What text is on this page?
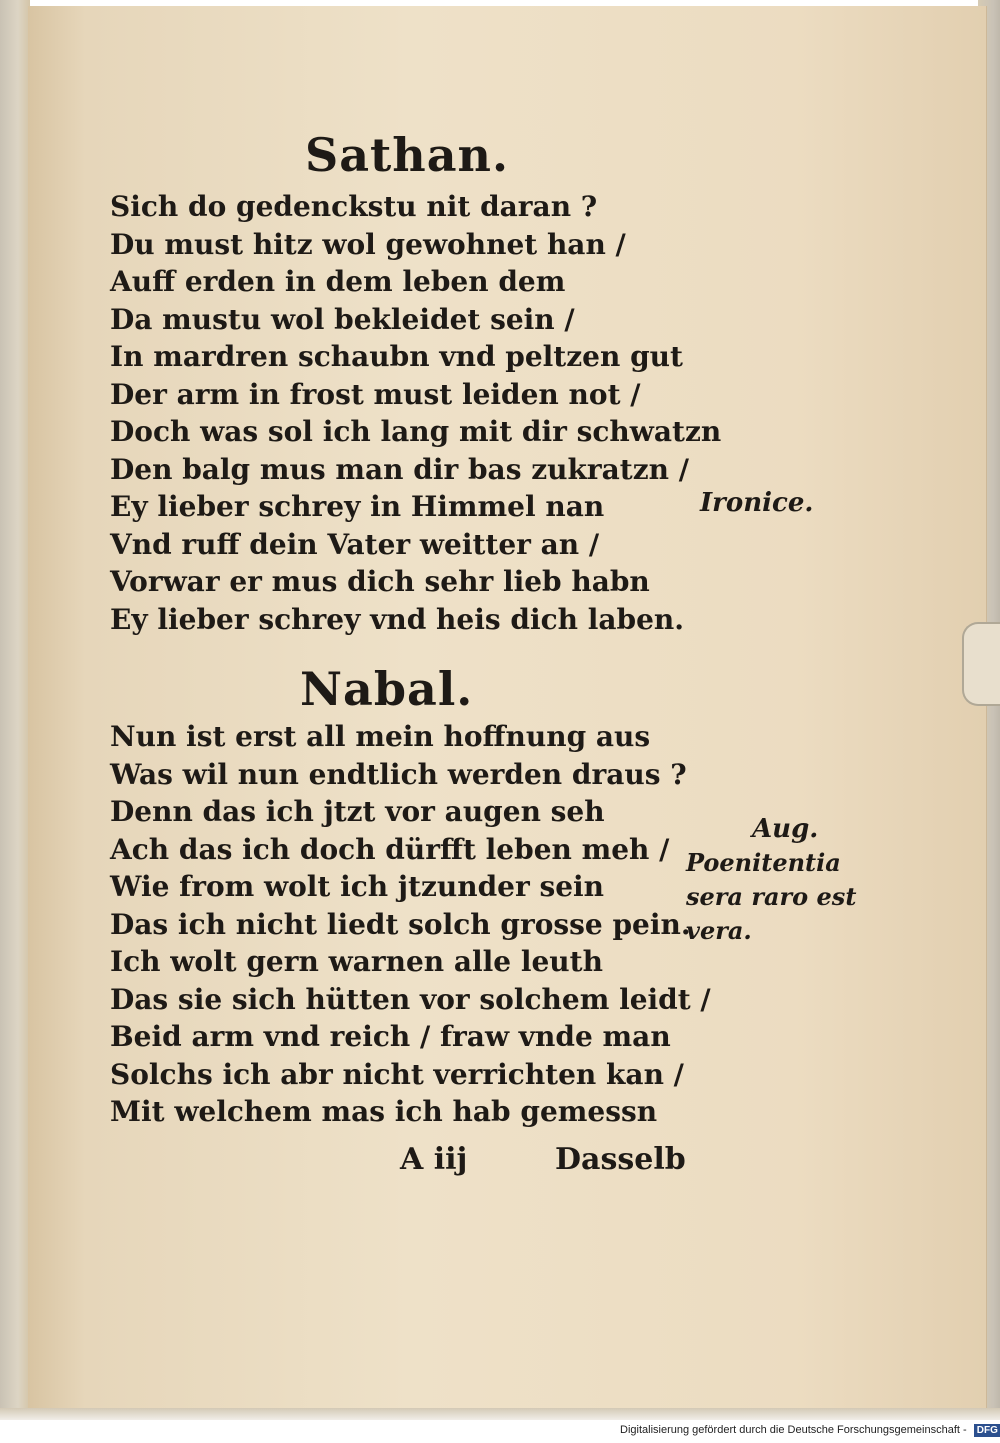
Sathan.
Sich do gedenckstu nit daran ?
Du must hitz wol gewohnet han /
Auff erden in dem leben dem
Da mustu wol bekleidet sein /
In mardren schaubn vnd peltzen gut
Der arm in frost must leiden not /
Doch was sol ich lang mit dir schwatzn
Den balg mus man dir bas zukratzn /
Ey lieber schrey in Himmel nan
Vnd ruff dein Vater weitter an /
Vorwar er mus dich sehr lieb habn
Ey lieber schrey vnd heis dich laben.
Nabal.
Nun ist erst all mein hoffnung aus
Was wil nun endtlich werden draus ?
Denn das ich jtzt vor augen seh
Ach das ich doch dürfft leben meh /
Wie from wolt ich jtzunder sein
Das ich nicht liedt solch grosse pein.
Ich wolt gern warnen alle leuth
Das sie sich hütten vor solchem leidt /
Beid arm vnd reich / fraw vnde man
Solchs ich abr nicht verrichten kan /
Mit welchem mas ich hab gemessn
Ironice.
Aug.
Poenitentia
sera raro est
vera.
A iij	Dasselb
Digitalisierung gefördert durch die Deutsche Forschungsgemeinschaft - DFG
